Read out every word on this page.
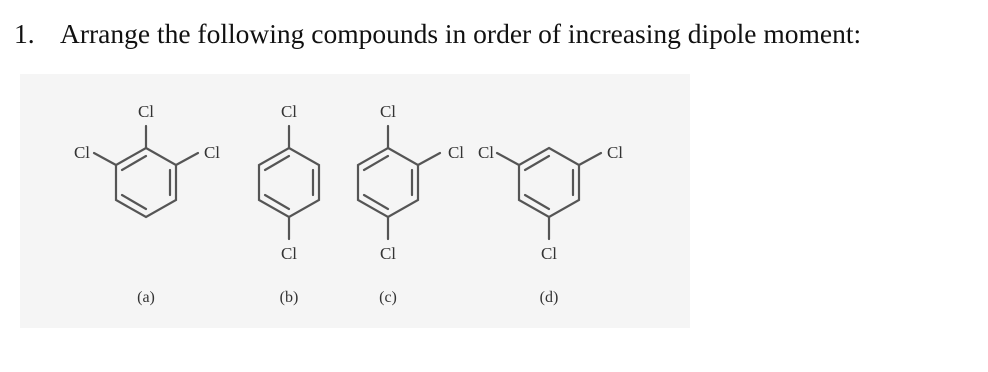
1. Arrange the following compounds in order of increasing dipole moment:
Cl
Cl	Cl
(a)
Cl
Cl
(b)
Cl
Cl
Cl
(c)
Cl	Cl
Cl
(d)
